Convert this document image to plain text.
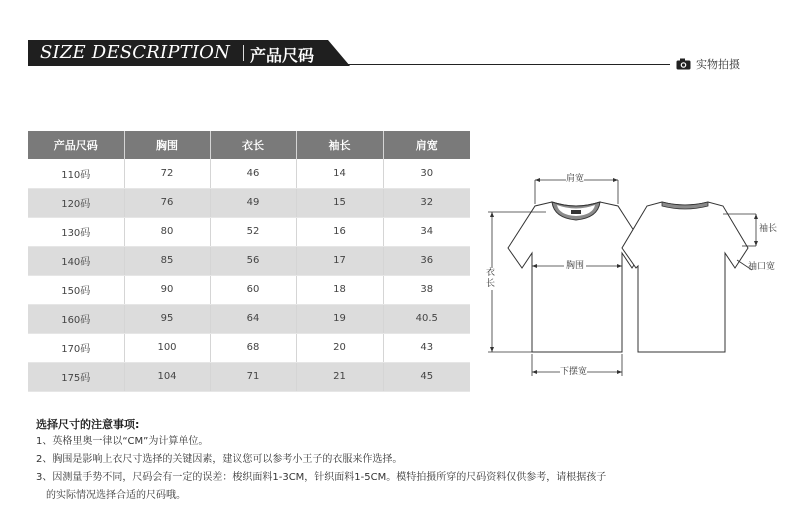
SIZE DESCRIPTION 产品尺码	实物拍摄
产品尺码	胸围	衣长	袖长	肩宽
110码	72	46	14	30
120码	76	49	15	32
130码	80	52	16	34
140码	85	56	17	36
150码	90	60	18	38
160码	95	64	19	40.5
170码	100	68	20	43
175码	104	71	21	45
肩宽
胸围
衣长
下摆宽
袖长
袖口宽
选择尺寸的注意事项:
1、英格里奥一律以“CM”为计算单位。
2、胸围是影响上衣尺寸选择的关键因素，建议您可以参考小王子的衣服来作选择。
3、因测量手势不同，尺码会有一定的误差：梭织面料1-3CM，针织面料1-5CM。模特拍摄所穿的尺码资料仅供参考，请根据孩子
的实际情况选择合适的尺码哦。
